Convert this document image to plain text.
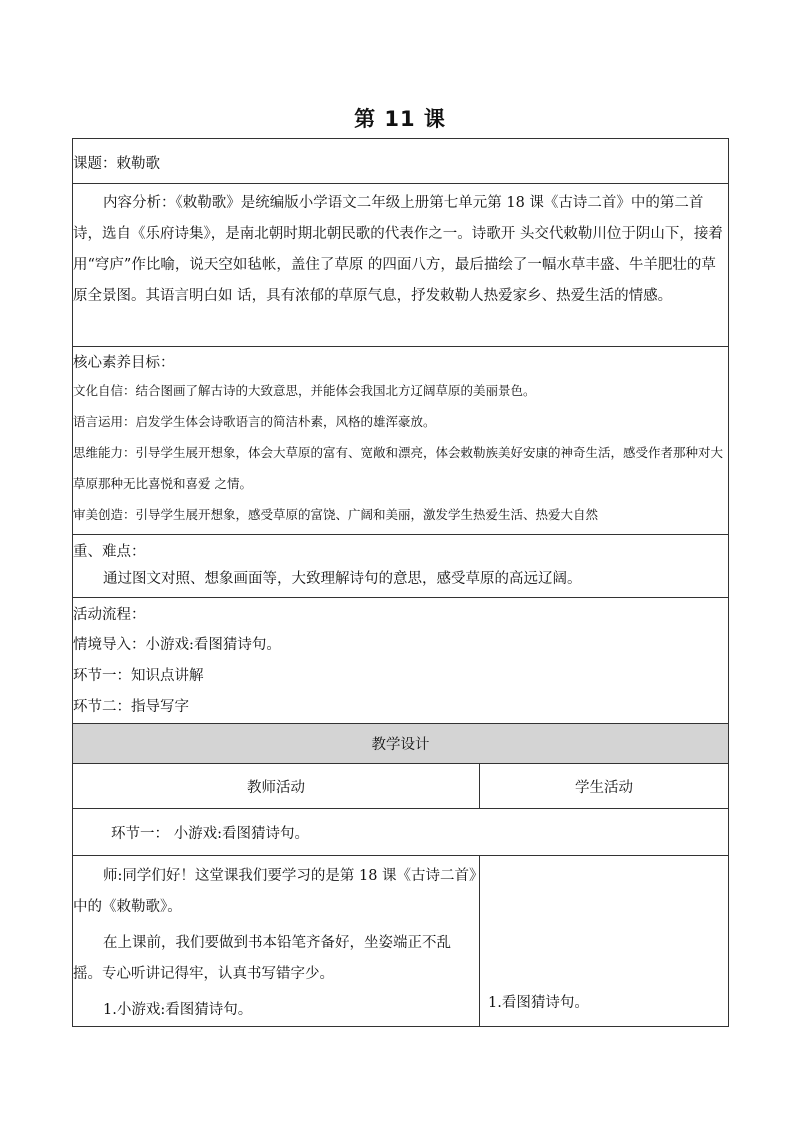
第 11 课
课题：敕勒歌	

内容分析：《敕勒歌》是统编版小学语文二年级上册第七单元第 18 课《古诗二首》中的第二首诗，选自《乐府诗集》，是南北朝时期北朝民歌的代表作之一。诗歌开 头交代敕勒川位于阴山下，接着用“穹庐”作比喻，说天空如毡帐，盖住了草原 的四面八方，最后描绘了一幅水草丰盛、牛羊肥壮的草原全景图。其语言明白如 话，具有浓郁的草原气息，抒发敕勒人热爱家乡、热爱生活的情感。	

核心素养目标：

文化自信：结合图画了解古诗的大致意思，并能体会我国北方辽阔草原的美丽景色。

语言运用：启发学生体会诗歌语言的简洁朴素，风格的雄浑豪放。

思维能力：引导学生展开想象，体会大草原的富有、宽敞和漂亮，体会敕勒族美好安康的神奇生活，感受作者那种对大草原那种无比喜悦和喜爱 之情。

审美创造：引导学生展开想象，感受草原的富饶、广阔和美丽，激发学生热爱生活、热爱大自然	

重、难点：

通过图文对照、想象画面等，大致理解诗句的意思，感受草原的高远辽阔。	

活动流程：

情境导入：小游戏:看图猜诗句。

环节一：知识点讲解

环节二：指导写字	

教学设计	
教师活动	学生活动
环节一： 小游戏:看图猜诗句。	

师:同学们好！这堂课我们要学习的是第 18 课《古诗二首》中的《敕勒歌》。

在上课前，我们要做到书本铅笔齐备好，坐姿端正不乱摇。专心听讲记得牢，认真书写错字少。

1.小游戏:看图猜诗句。	1.看图猜诗句。
